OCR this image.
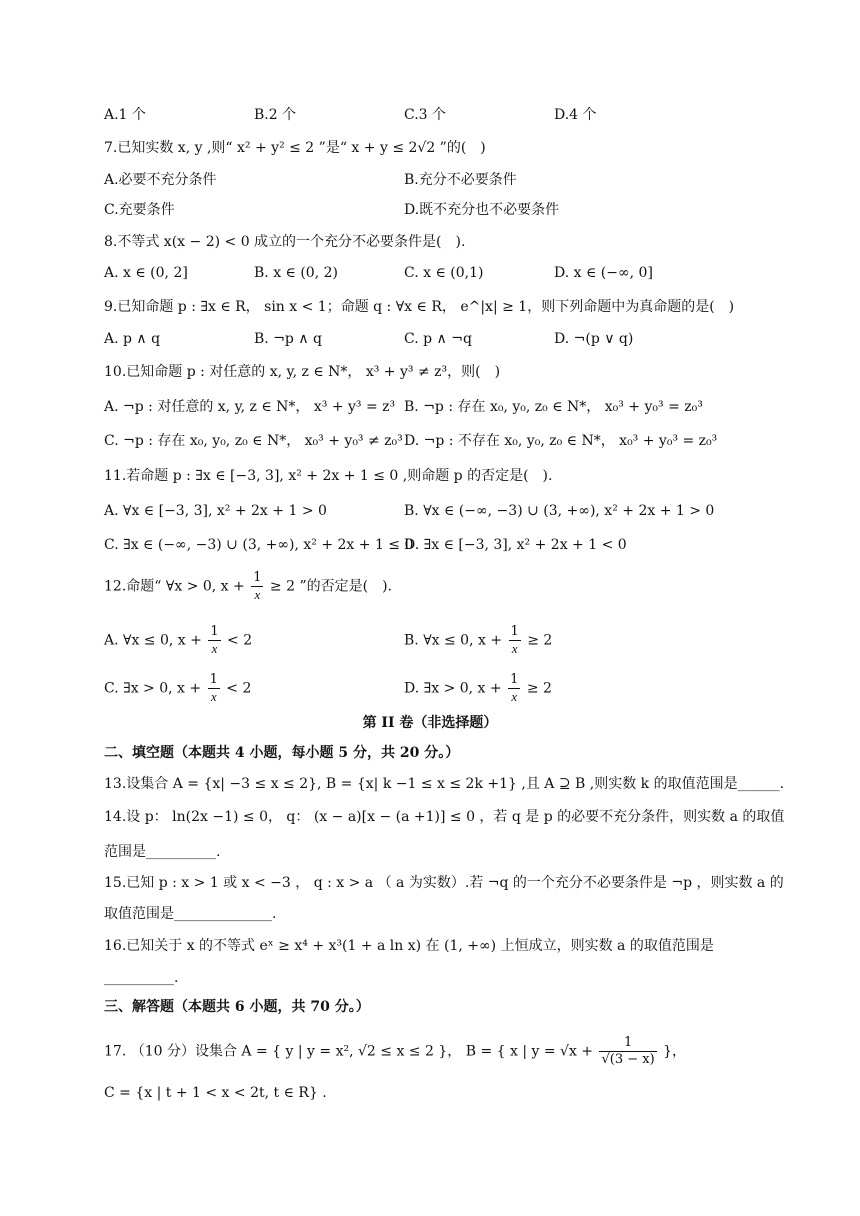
A.1 个	B.2 个	C.3 个	D.4 个
7.已知实数 x, y ,则“ x² + y² ≤ 2 ”是“ x + y ≤ 2√2 ”的(　)
A.必要不充分条件	B.充分不必要条件
C.充要条件	D.既不充分也不必要条件
8.不等式 x(x − 2) < 0 成立的一个充分不必要条件是(　).
A. x ∈ (0, 2]	B. x ∈ (0, 2)	C. x ∈ (0,1)	D. x ∈ (−∞, 0]
9.已知命题 p : ∃x ∈ R， sin x < 1；命题 q : ∀x ∈ R， e^|x| ≥ 1，则下列命题中为真命题的是(　)
A. p ∧ q	B. ¬p ∧ q	C. p ∧ ¬q	D. ¬(p ∨ q)
10.已知命题 p : 对任意的 x, y, z ∈ N*， x³ + y³ ≠ z³，则(　)
A. ¬p : 对任意的 x, y, z ∈ N*， x³ + y³ = z³ B. ¬p : 存在 x₀, y₀, z₀ ∈ N*， x₀³ + y₀³ = z₀³
C. ¬p : 存在 x₀, y₀, z₀ ∈ N*， x₀³ + y₀³ ≠ z₀³ D. ¬p : 不存在 x₀, y₀, z₀ ∈ N*， x₀³ + y₀³ = z₀³
11.若命题 p : ∃x ∈ [−3, 3], x² + 2x + 1 ≤ 0 ,则命题 p 的否定是(　).
A. ∀x ∈ [−3, 3], x² + 2x + 1 > 0	B. ∀x ∈ (−∞, −3) ∪ (3, +∞), x² + 2x + 1 > 0
C. ∃x ∈ (−∞, −3) ∪ (3, +∞), x² + 2x + 1 ≤ 0
D. ∃x ∈ [−3, 3], x² + 2x + 1 < 0
12.命题“ ∀x > 0, $x + \frac{1}{x} \ge 2$ ”的否定是(　).
A. ∀x ≤ 0, $x + \frac{1}{x} < 2$	B. ∀x ≤ 0, $x + \frac{1}{x} \ge 2$
C. ∃x > 0, $x + \frac{1}{x} < 2$	D. ∃x > 0, $x + \frac{1}{x} \ge 2$
第 II 卷（非选择题）
二、填空题（本题共 4 小题，每小题 5 分，共 20 分。）
13.设集合 A = {x| −3 ≤ x ≤ 2}, B = {x| k −1 ≤ x ≤ 2k +1} ,且 A ⊇ B ,则实数 k 的取值范围是______.
14.设 p： ln(2x −1) ≤ 0， q： (x − a)[x − (a +1)] ≤ 0 ，若 q 是 p 的必要不充分条件，则实数 a 的取值
范围是__________.
15.已知 p : x > 1 或 x < −3 ， q : x > a （ a 为实数）.若 ¬q 的一个充分不必要条件是 ¬p ，则实数 a 的
取值范围是______________.
16.已知关于 x 的不等式 eˣ ≥ x⁴ + x³(1 + a ln x) 在 (1, +∞) 上恒成立，则实数 a 的取值范围是
__________.
三、解答题（本题共 6 小题，共 70 分。）
17. （10 分）设集合 A = { y | y = x², √2 ≤ x ≤ 2 }， B = { x | $y = √x + \frac{1}{√(3 - x)}$ }，
C = {x | t + 1 < x < 2t, t ∈ R} .
